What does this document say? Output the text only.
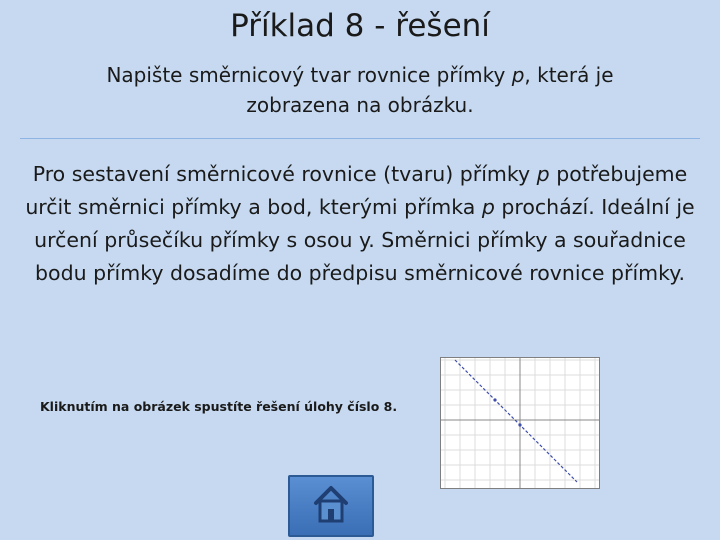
Příklad 8 - řešení
Napište směrnicový tvar rovnice přímky p, která je
zobrazena na obrázku.
Pro sestavení směrnicové rovnice (tvaru) přímky p potřebujeme určit směrnici přímky a bod, kterými přímka p prochází. Ideální je určení průsečíku přímky s osou y. Směrnici přímky a souřadnice bodu přímky dosadíme do předpisu směrnicové rovnice přímky.
Kliknutím na obrázek spustíte řešení úlohy číslo 8.
